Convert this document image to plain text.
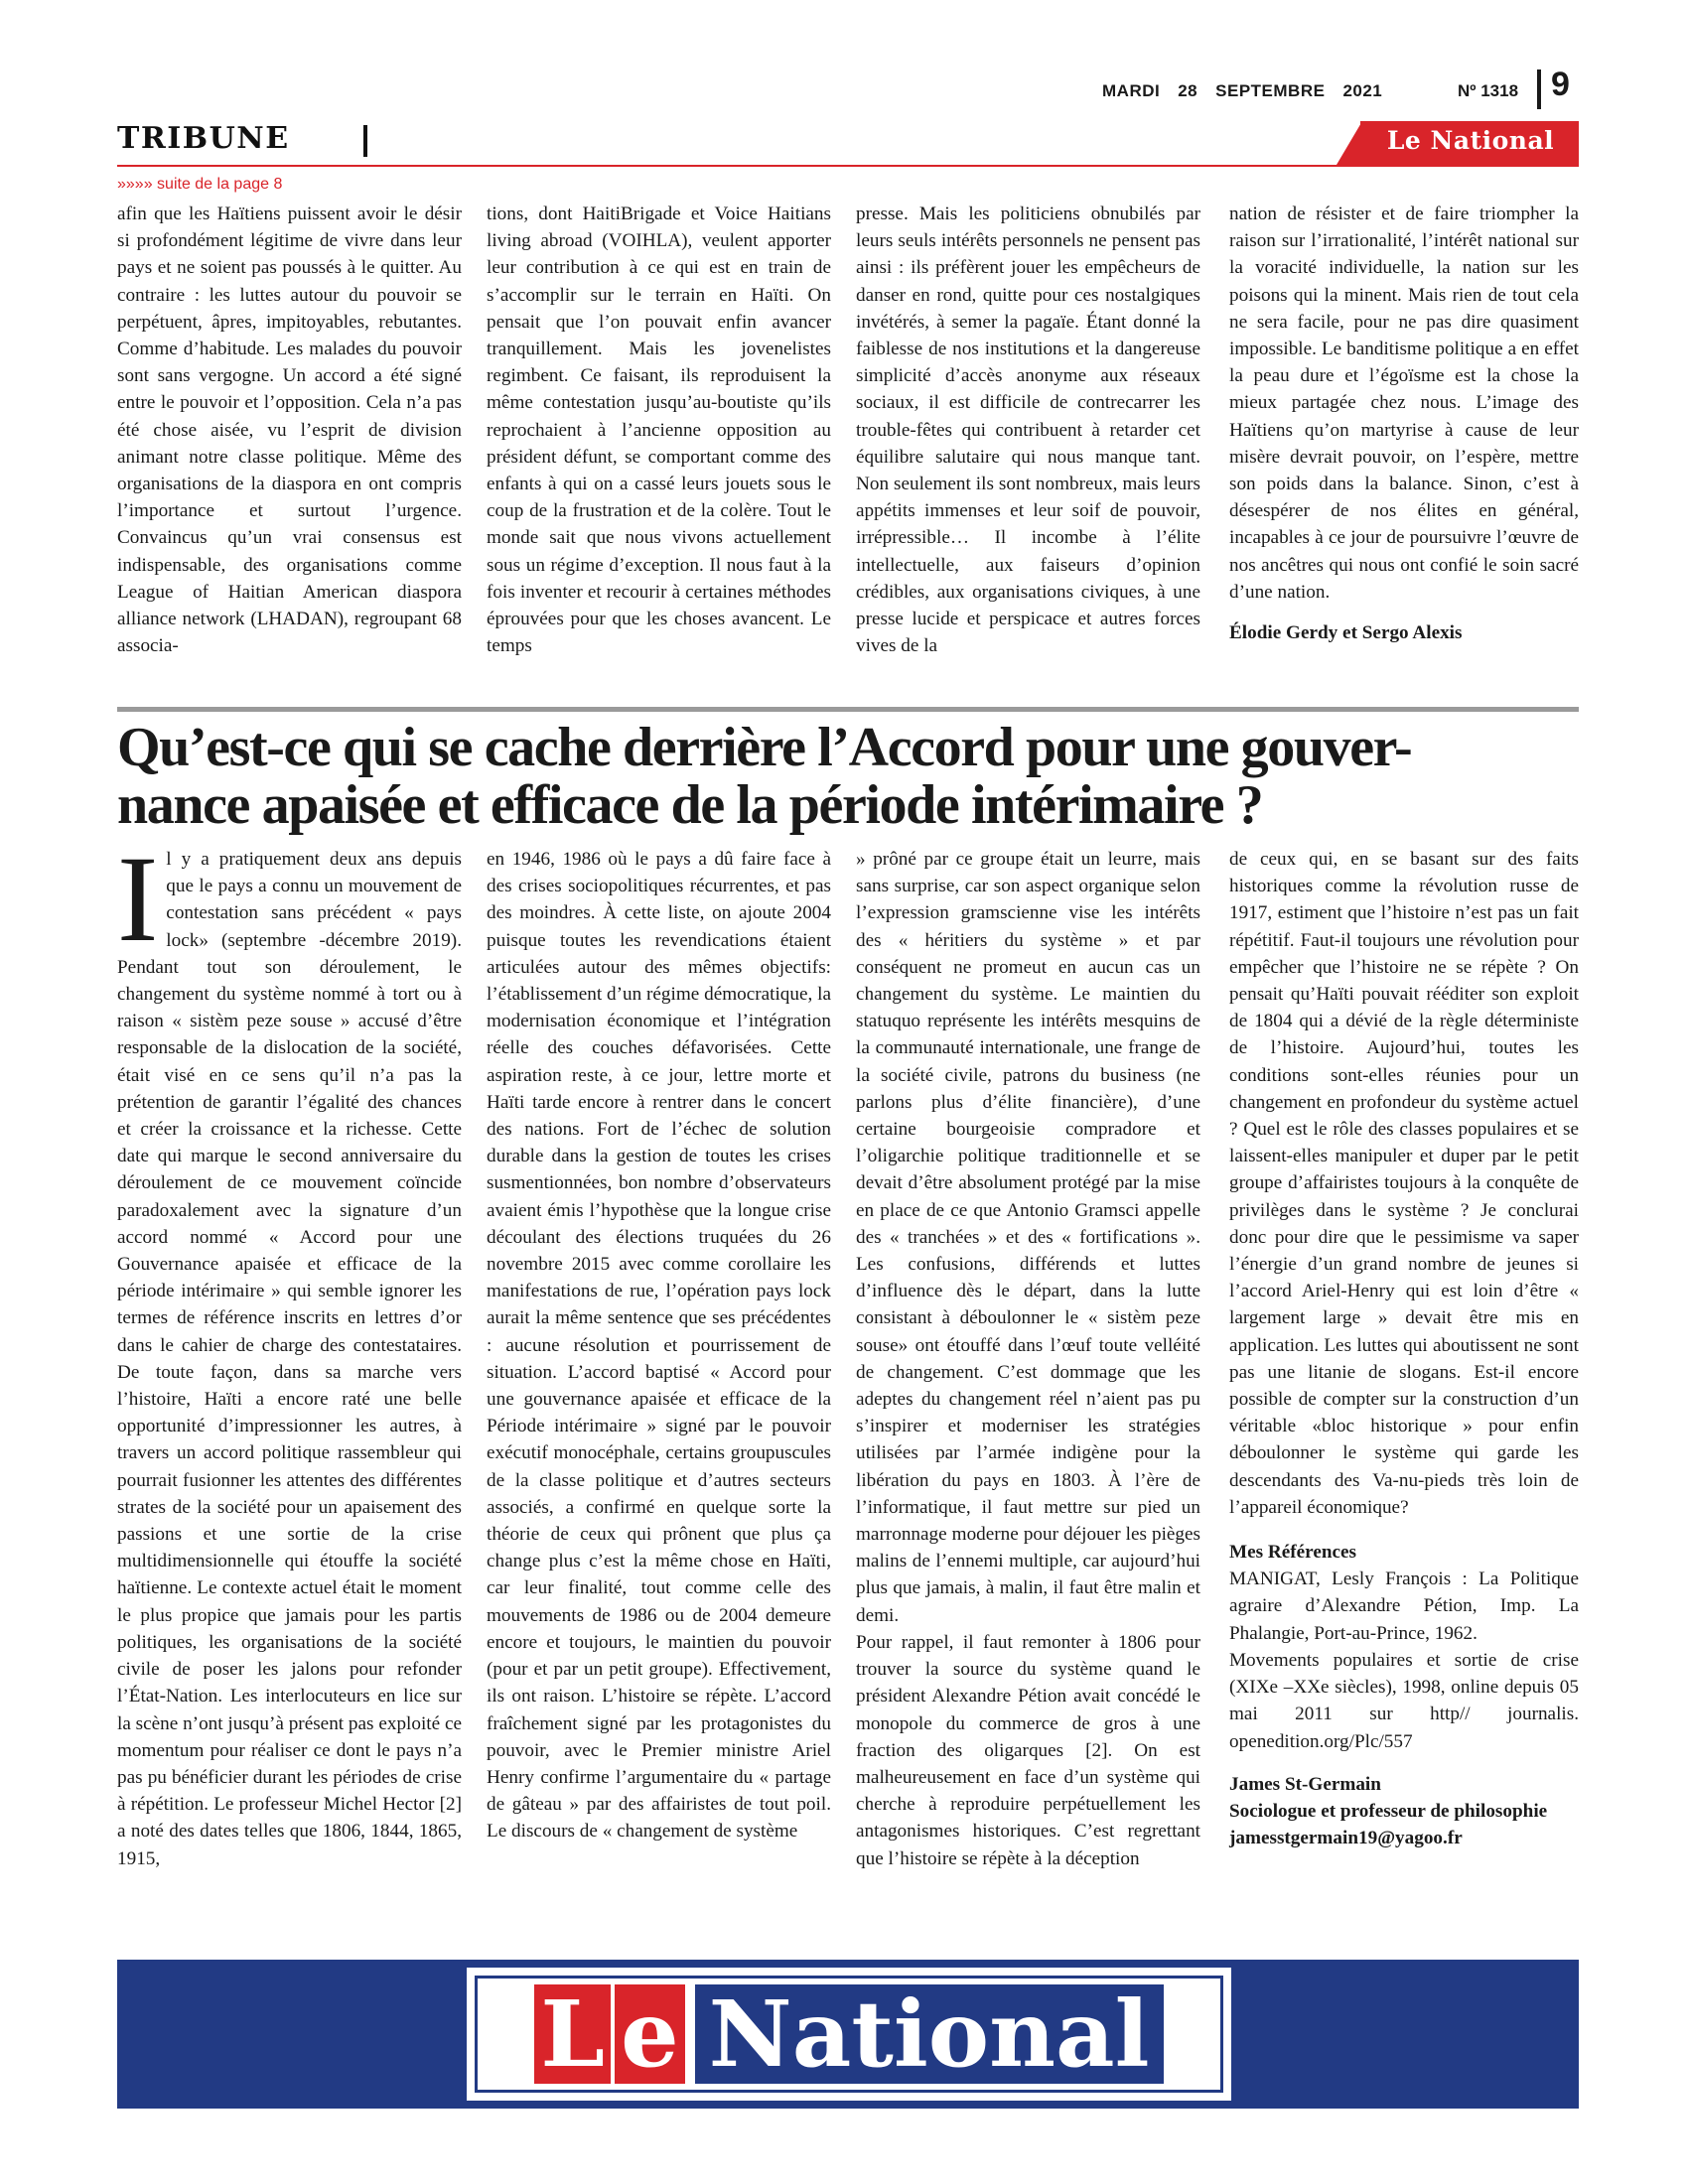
MARDI 28 SEPTEMBRE 2021	Nº 1318 9
TRIBUNE	Le National
»»»» suite de la page 8

afin que les Haïtiens puissent avoir le désir si profondément légitime de vivre dans leur pays et ne soient pas poussés à le quitter. Au contraire : les luttes autour du pouvoir se perpétuent, âpres, impitoyables, rebutantes. Comme d’habitude. Les malades du pouvoir sont sans vergogne. Un accord a été signé entre le pouvoir et l’opposition. Cela n’a pas été chose aisée, vu l’esprit de division animant notre classe politique. Même des organisations de la diaspora en ont compris l’importance et surtout l’urgence. Convaincus qu’un vrai consensus est indispensable, des organisations comme League of Haitian American diaspora alliance network (LHADAN), regroupant 68 associa-

tions, dont HaitiBrigade et Voice Haitians living abroad (VOIHLA), veulent apporter leur contribution à ce qui est en train de s’accomplir sur le terrain en Haïti. On pensait que l’on pouvait enfin avancer tranquillement. Mais les jovenelistes regimbent. Ce faisant, ils reproduisent la même contestation jusqu’au-boutiste qu’ils reprochaient à l’ancienne opposition au président défunt, se comportant comme des enfants à qui on a cassé leurs jouets sous le coup de la frustration et de la colère. Tout le monde sait que nous vivons actuellement sous un régime d’exception. Il nous faut à la fois inventer et recourir à certaines méthodes éprouvées pour que les choses avancent. Le temps

presse. Mais les politiciens obnubilés par leurs seuls intérêts personnels ne pensent pas ainsi : ils préfèrent jouer les empêcheurs de danser en rond, quitte pour ces nostalgiques invétérés, à semer la pagaïe. Étant donné la faiblesse de nos institutions et la dangereuse simplicité d’accès anonyme aux réseaux sociaux, il est difficile de contrecarrer les trouble-fêtes qui contribuent à retarder cet équilibre salutaire qui nous manque tant. Non seulement ils sont nombreux, mais leurs appétits immenses et leur soif de pouvoir, irrépressible… Il incombe à l’élite intellectuelle, aux faiseurs d’opinion crédibles, aux organisations civiques, à une presse lucide et perspicace et autres forces vives de la

nation de résister et de faire triompher la raison sur l’irrationalité, l’intérêt national sur la voracité individuelle, la nation sur les poisons qui la minent. Mais rien de tout cela ne sera facile, pour ne pas dire quasiment impossible. Le banditisme politique a en effet la peau dure et l’égoïsme est la chose la mieux partagée chez nous. L’image des Haïtiens qu’on martyrise à cause de leur misère devrait pouvoir, on l’espère, mettre son poids dans la balance. Sinon, c’est à désespérer de nos élites en général, incapables à ce jour de poursuivre l’œuvre de nos ancêtres qui nous ont confié le soin sacré d’une nation.

Élodie Gerdy et Sergo Alexis

Qu’est-ce qui se cache derrière l’Accord pour une gouver-
nance apaisée et efficace de la période intérimaire ?

Il y a pratiquement deux ans depuis que le pays a connu un mouvement de contestation sans précédent « pays lock» (septembre -décembre 2019). Pendant tout son déroulement, le changement du système nommé à tort ou à raison « sistèm peze souse » accusé d’être responsable de la dislocation de la société, était visé en ce sens qu’il n’a pas la prétention de garantir l’égalité des chances et créer la croissance et la richesse. Cette date qui marque le second anniversaire du déroulement de ce mouvement coïncide paradoxalement avec la signature d’un accord nommé « Accord pour une Gouvernance apaisée et efficace de la période intérimaire » qui semble ignorer les termes de référence inscrits en lettres d’or dans le cahier de charge des contestataires. De toute façon, dans sa marche vers l’histoire, Haïti a encore raté une belle opportunité d’impressionner les autres, à travers un accord politique rassembleur qui pourrait fusionner les attentes des différentes strates de la société pour un apaisement des passions et une sortie de la crise multidimensionnelle qui étouffe la société haïtienne. Le contexte actuel était le moment le plus propice que jamais pour les partis politiques, les organisations de la société civile de poser les jalons pour refonder l’État-Nation. Les interlocuteurs en lice sur la scène n’ont jusqu’à présent pas exploité ce momentum pour réaliser ce dont le pays n’a pas pu bénéficier durant les périodes de crise à répétition. Le professeur Michel Hector [2] a noté des dates telles que 1806, 1844, 1865, 1915,

en 1946, 1986 où le pays a dû faire face à des crises sociopolitiques récurrentes, et pas des moindres. À cette liste, on ajoute 2004 puisque toutes les revendications étaient articulées autour des mêmes objectifs: l’établissement d’un régime démocratique, la modernisation économique et l’intégration réelle des couches défavorisées. Cette aspiration reste, à ce jour, lettre morte et Haïti tarde encore à rentrer dans le concert des nations. Fort de l’échec de solution durable dans la gestion de toutes les crises susmentionnées, bon nombre d’observateurs avaient émis l’hypothèse que la longue crise découlant des élections truquées du 26 novembre 2015 avec comme corollaire les manifestations de rue, l’opération pays lock aurait la même sentence que ses précédentes : aucune résolution et pourrissement de situation. L’accord baptisé « Accord pour une gouvernance apaisée et efficace de la Période intérimaire » signé par le pouvoir exécutif monocéphale, certains groupuscules de la classe politique et d’autres secteurs associés, a confirmé en quelque sorte la théorie de ceux qui prônent que plus ça change plus c’est la même chose en Haïti, car leur finalité, tout comme celle des mouvements de 1986 ou de 2004 demeure encore et toujours, le maintien du pouvoir (pour et par un petit groupe). Effectivement, ils ont raison. L’histoire se répète. L’accord fraîchement signé par les protagonistes du pouvoir, avec le Premier ministre Ariel Henry confirme l’argumentaire du « partage de gâteau » par des affairistes de tout poil. Le discours de « changement de système

» prôné par ce groupe était un leurre, mais sans surprise, car son aspect organique selon l’expression gramscienne vise les intérêts des « héritiers du système » et par conséquent ne promeut en aucun cas un changement du système. Le maintien du statuquo représente les intérêts mesquins de la communauté internationale, une frange de la société civile, patrons du business (ne parlons plus d’élite financière), d’une certaine bourgeoisie compradore et l’oligarchie politique traditionnelle et se devait d’être absolument protégé par la mise en place de ce que Antonio Gramsci appelle des « tranchées » et des « fortifications ». Les confusions, différends et luttes d’influence dès le départ, dans la lutte consistant à déboulonner le « sistèm peze souse» ont étouffé dans l’œuf toute velléité de changement. C’est dommage que les adeptes du changement réel n’aient pas pu s’inspirer et moderniser les stratégies utilisées par l’armée indigène pour la libération du pays en 1803. À l’ère de l’informatique, il faut mettre sur pied un marronnage moderne pour déjouer les pièges malins de l’ennemi multiple, car aujourd’hui plus que jamais, à malin, il faut être malin et demi.

Pour rappel, il faut remonter à 1806 pour trouver la source du système quand le président Alexandre Pétion avait concédé le monopole du commerce de gros à une fraction des oligarques [2]. On est malheureusement en face d’un système qui cherche à reproduire perpétuellement les antagonismes historiques. C’est regrettant que l’histoire se répète à la déception

de ceux qui, en se basant sur des faits historiques comme la révolution russe de 1917, estiment que l’histoire n’est pas un fait répétitif. Faut-il toujours une révolution pour empêcher que l’histoire ne se répète ? On pensait qu’Haïti pouvait rééditer son exploit de 1804 qui a dévié de la règle déterministe de l’histoire. Aujourd’hui, toutes les conditions sont-elles réunies pour un changement en profondeur du système actuel ? Quel est le rôle des classes populaires et se laissent-elles manipuler et duper par le petit groupe d’affairistes toujours à la conquête de privilèges dans le système ? Je conclurai donc pour dire que le pessimisme va saper l’énergie d’un grand nombre de jeunes si l’accord Ariel-Henry qui est loin d’être « largement large » devait être mis en application. Les luttes qui aboutissent ne sont pas une litanie de slogans. Est-il encore possible de compter sur la construction d’un véritable «bloc historique » pour enfin déboulonner le système qui garde les descendants des Va-nu-pieds très loin de l’appareil économique?

Mes Références

MANIGAT, Lesly François : La Politique agraire d’Alexandre Pétion, Imp. La Phalangie, Port-au-Prince, 1962.

Movements populaires et sortie de crise (XIXe –XXe siècles), 1998, online depuis 05 mai 2011 sur http// journalis. openedition.org/Plc/557

James St-Germain

Sociologue et professeur de philosophie

jamesstgermain19@yagoo.fr

L e National
